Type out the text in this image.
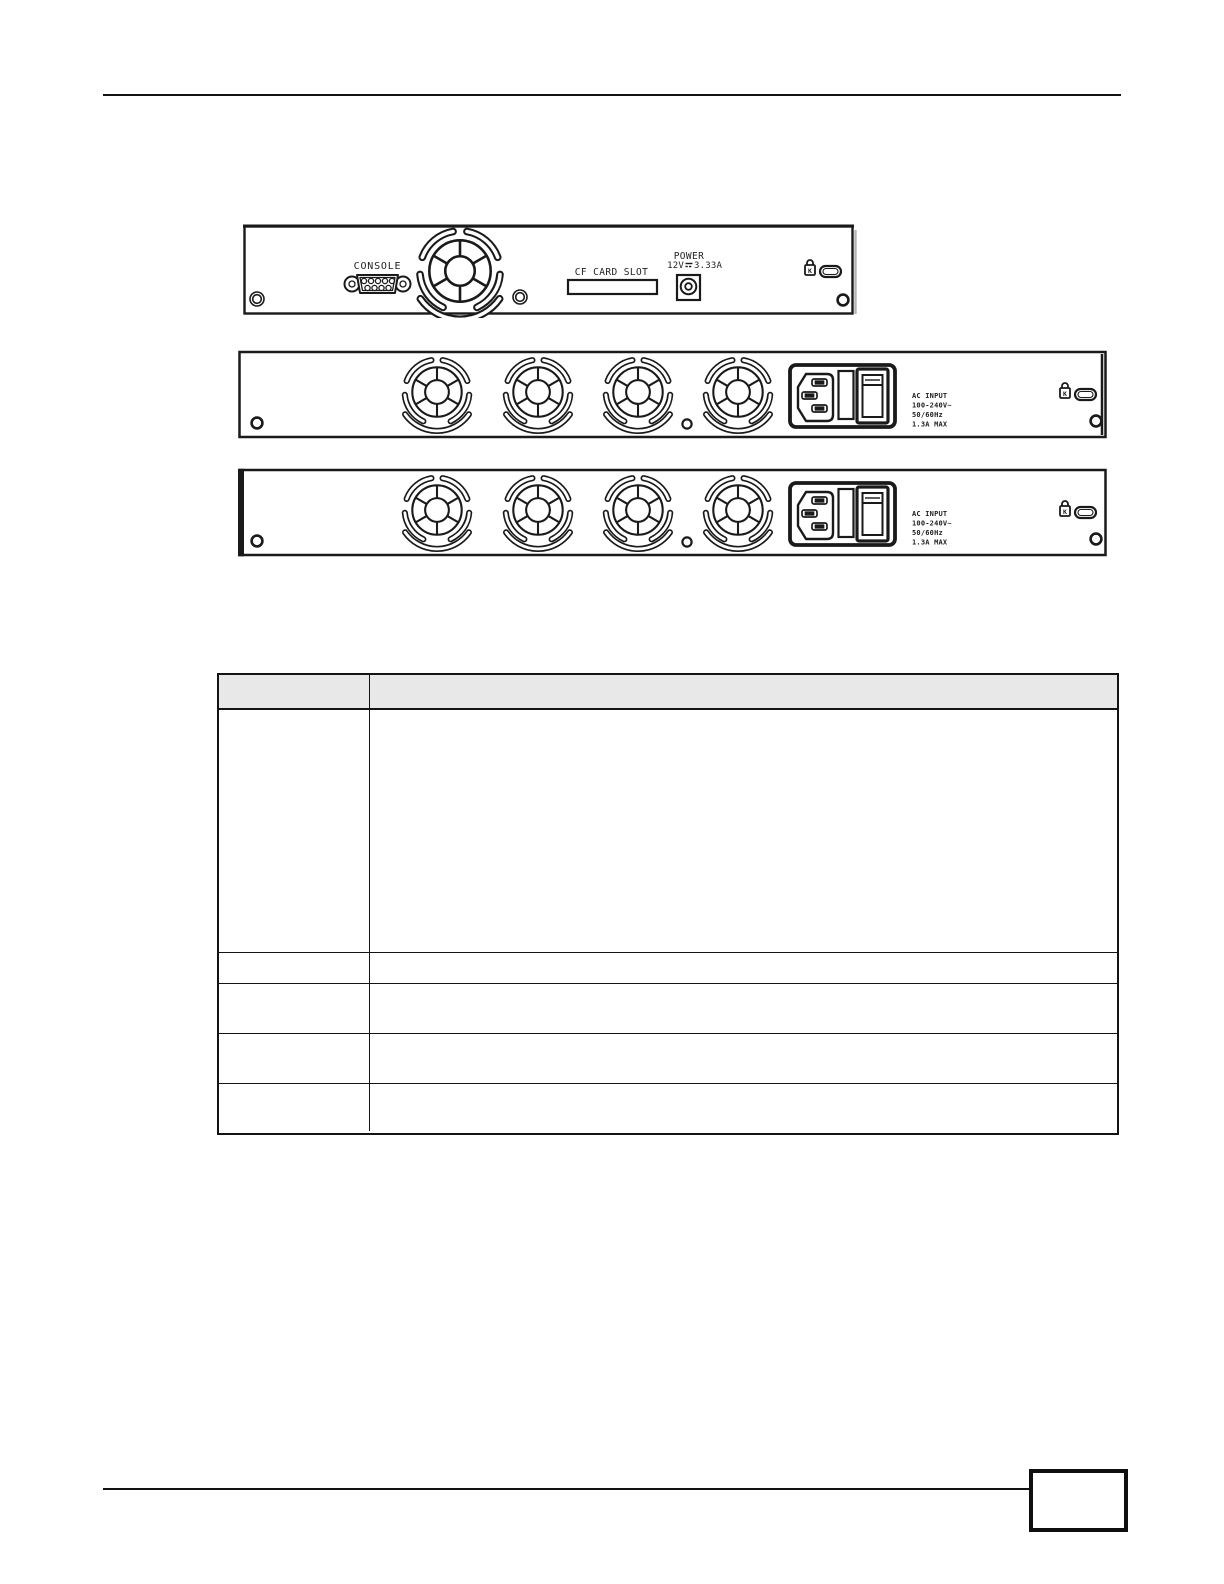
CONSOLE
CF CARD SLOT
POWER
12V 3.33A
K
AC INPUT
100-240V~
50/60Hz
1.3A MAX
K
AC INPUT
100-240V~
50/60Hz
1.3A MAX
K
